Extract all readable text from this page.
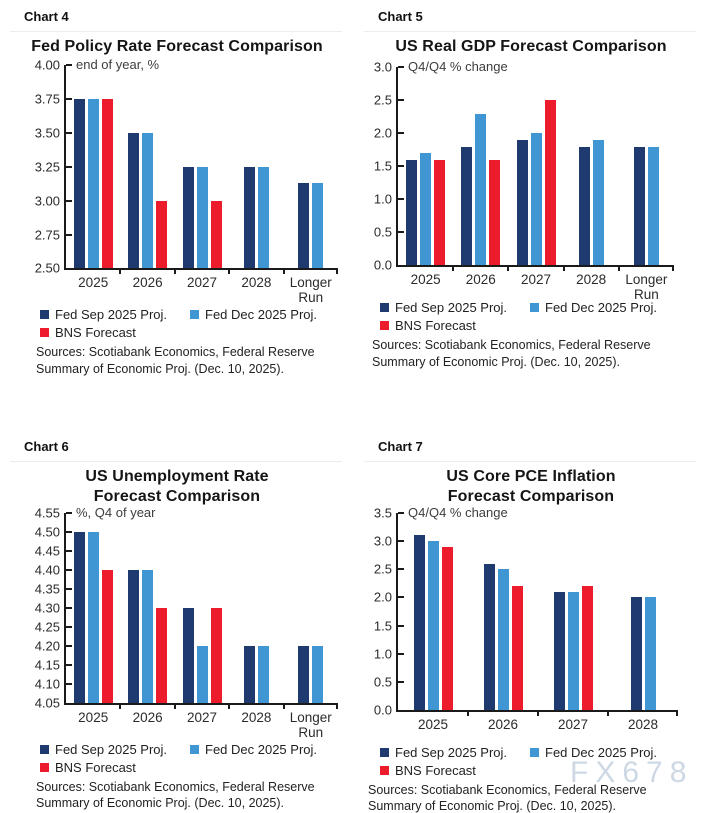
Chart 4
Fed Policy Rate Forecast Comparison
4.00
3.75
3.50
3.25
3.00
2.75
2.50
end of year, %
2025	2026	2027	2028	Longer Run
Fed Sep 2025 Proj.	Fed Dec 2025 Proj.
BNS Forecast
Sources: Scotiabank Economics, Federal Reserve
Summary of Economic Proj. (Dec. 10, 2025).
Chart 5
US Real GDP Forecast Comparison
3.0
2.5
2.0
1.5
1.0
0.5
0.0
Q4/Q4 % change
2025	2026	2027	2028	Longer Run
Fed Sep 2025 Proj.	Fed Dec 2025 Proj.
BNS Forecast
Sources: Scotiabank Economics, Federal Reserve
Summary of Economic Proj. (Dec. 10, 2025).
Chart 6
US Unemployment Rate
Forecast Comparison
4.55
4.50
4.45
4.40
4.35
4.30
4.25
4.20
4.15
4.10
4.05
%, Q4 of year
2025	2026	2027	2028	Longer Run
Fed Sep 2025 Proj.	Fed Dec 2025 Proj.
BNS Forecast
Sources: Scotiabank Economics, Federal Reserve
Summary of Economic Proj. (Dec. 10, 2025).
Chart 7
US Core PCE Inflation
Forecast Comparison
3.5
3.0
2.5
2.0
1.5
1.0
0.5
0.0
Q4/Q4 % change
2025	2026	2027	2028
Fed Sep 2025 Proj.	Fed Dec 2025 Proj.
BNS Forecast
Sources: Scotiabank Economics, Federal Reserve
Summary of Economic Proj. (Dec. 10, 2025).
FX678
